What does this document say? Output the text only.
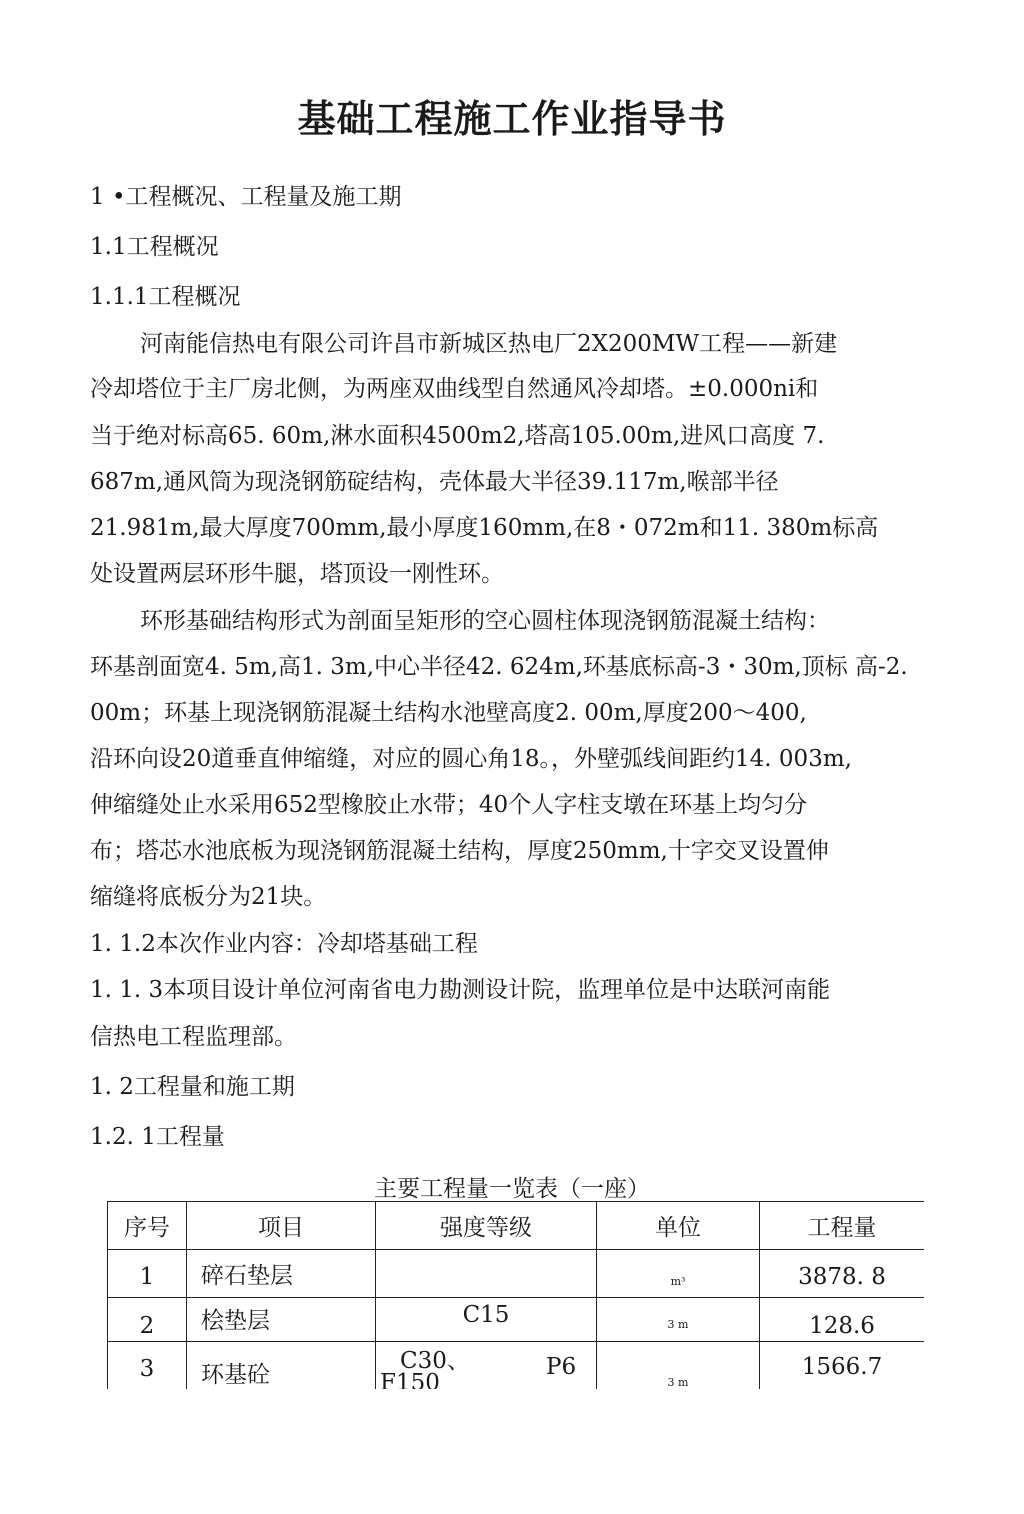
基础工程施工作业指导书

1 •工程概况、工程量及施工期

1.1工程概况

1.1.1工程概况

河南能信热电有限公司许昌市新城区热电厂2X200MW工程——新建

冷却塔位于主厂房北侧，为两座双曲线型自然通风冷却塔。±0.000ni和

当于绝对标高65. 60m,淋水面积4500m2,塔高105.00m,进风口高度 7.

687m,通风筒为现浇钢筋碇结构，壳体最大半径39.117m,喉部半径

21.981m,最大厚度700mm,最小厚度160mm,在8・072m和11. 380m标高

处设置两层环形牛腿，塔顶设一刚性环。

环形基础结构形式为剖面呈矩形的空心圆柱体现浇钢筋混凝土结构：

环基剖面宽4. 5m,高1. 3m,中心半径42. 624m,环基底标高-3・30m,顶标 高-2.

00m；环基上现浇钢筋混凝土结构水池壁高度2. 00m,厚度200〜400,

沿环向设20道垂直伸缩缝，对应的圆心角18。，外壁弧线间距约14. 003m,

伸缩缝处止水采用652型橡胶止水带；40个人字柱支墩在环基上均匀分

布；塔芯水池底板为现浇钢筋混凝土结构，厚度250mm,十字交叉设置伸

缩缝将底板分为21块。

1. 1.2本次作业内容：冷却塔基础工程

1. 1. 3本项目设计单位河南省电力勘测设计院，监理单位是中达联河南能

信热电工程监理部。

1. 2工程量和施工期

1.2. 1工程量

主要工程量一览表（一座）

序号	项目	强度等级	单位	工程量
1	碎石垫层		m³	3878. 8
2	桧垫层	C15	3 m	128.6
3	环基砼	C30、 P6
F150	3 m	1566.7
